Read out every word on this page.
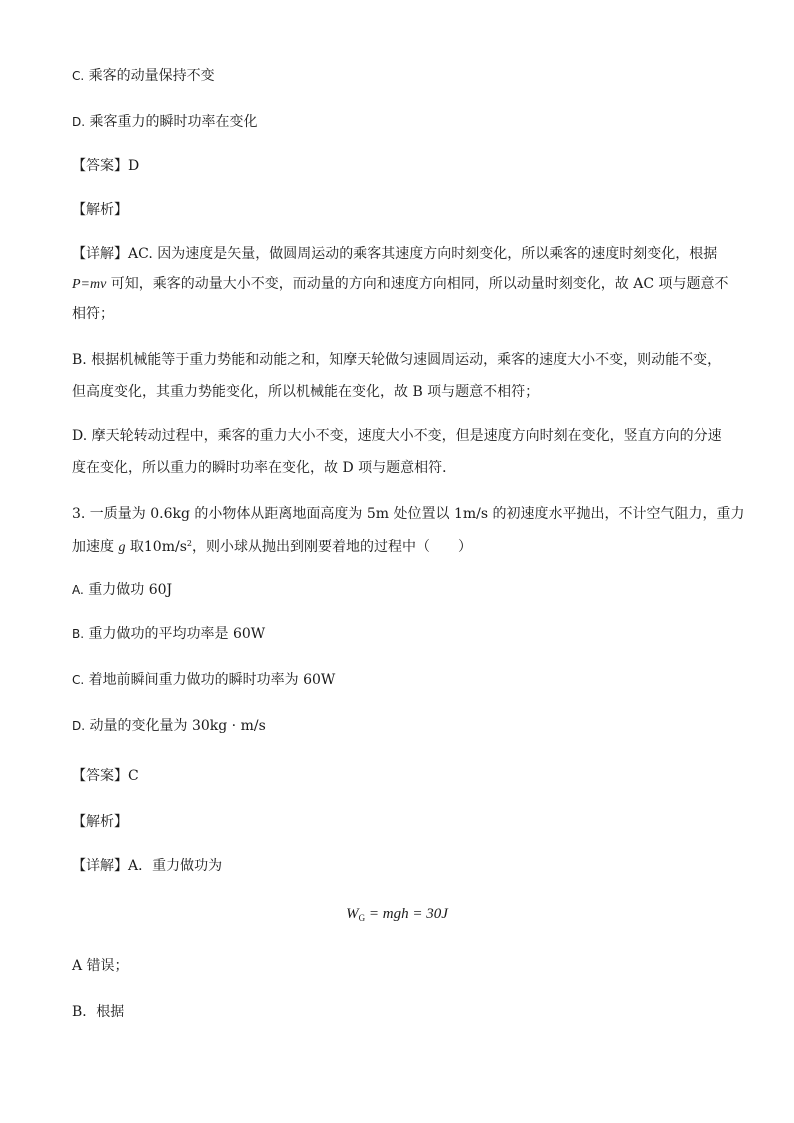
C. 乘客的动量保持不变
D. 乘客重力的瞬时功率在变化
【答案】D
【解析】
【详解】AC. 因为速度是矢量，做圆周运动的乘客其速度方向时刻变化，所以乘客的速度时刻变化，根据
P=mv 可知，乘客的动量大小不变，而动量的方向和速度方向相同，所以动量时刻变化，故 AC 项与题意不
相符；
B. 根据机械能等于重力势能和动能之和，知摩天轮做匀速圆周运动，乘客的速度大小不变，则动能不变，
但高度变化，其重力势能变化，所以机械能在变化，故 B 项与题意不相符；
D. 摩天轮转动过程中，乘客的重力大小不变，速度大小不变，但是速度方向时刻在变化，竖直方向的分速
度在变化，所以重力的瞬时功率在变化，故 D 项与题意相符．
3. 一质量为 0.6kg 的小物体从距离地面高度为 5m 处位置以 1m/s 的初速度水平抛出，不计空气阻力，重力
加速度 g 取$10m/s^2$，则小球从抛出到刚要着地的过程中（　　）
A. 重力做功 60J
B. 重力做功的平均功率是 60W
C. 着地前瞬间重力做功的瞬时功率为 60W
D. 动量的变化量为 30kg · m/s
【答案】C
【解析】
【详解】A．重力做功为
$W_G$ = mgh = 30J
A 错误；
B．根据
